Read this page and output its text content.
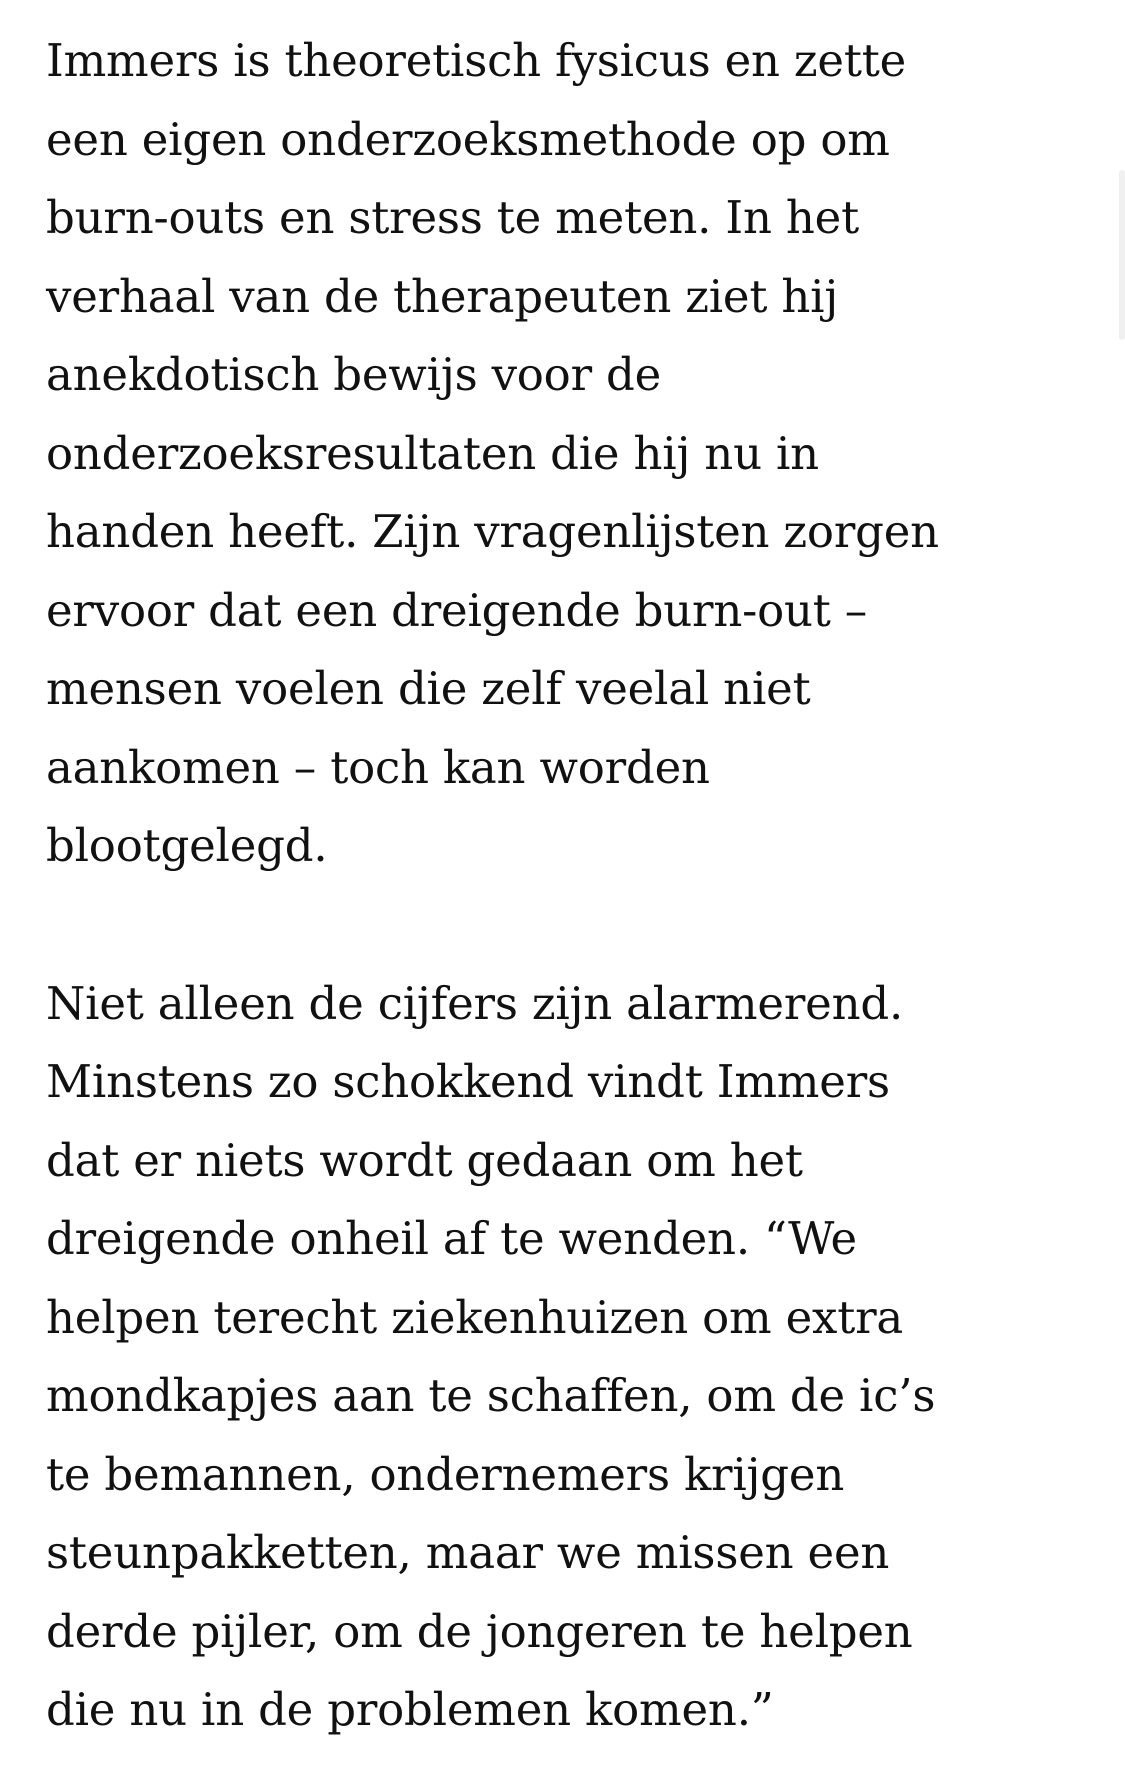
Immers is theoretisch fysicus en zette
een eigen onderzoeksmethode op om
burn-outs en stress te meten. In het
verhaal van de therapeuten ziet hij
anekdotisch bewijs voor de
onderzoeksresultaten die hij nu in
handen heeft. Zijn vragenlijsten zorgen
ervoor dat een dreigende burn-out –
mensen voelen die zelf veelal niet
aankomen – toch kan worden
blootgelegd.

Niet alleen de cijfers zijn alarmerend.
Minstens zo schokkend vindt Immers
dat er niets wordt gedaan om het
dreigende onheil af te wenden. “We
helpen terecht ziekenhuizen om extra
mondkapjes aan te schaffen, om de ic’s
te bemannen, ondernemers krijgen
steunpakketten, maar we missen een
derde pijler, om de jongeren te helpen
die nu in de problemen komen.”
